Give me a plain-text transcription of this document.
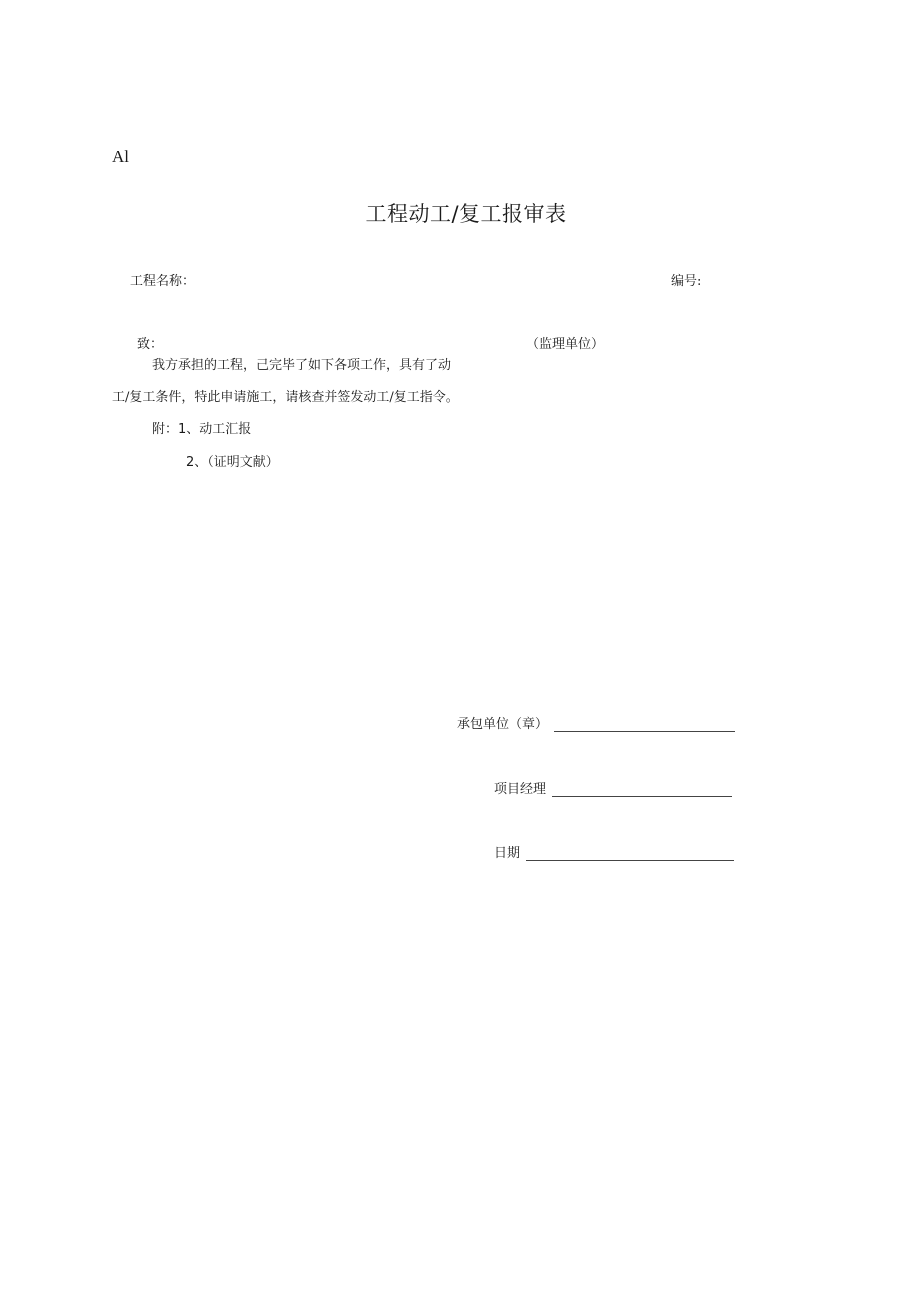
Al
工程动工/复工报审表
工程名称：	编号:
致：	（监理单位）
我方承担的工程，己完毕了如下各项工作，具有了动
工/复工条件，特此申请施工，请核查并签发动工/复工指令。
附：1、动工汇报
2、（证明文献）
承包单位（章）
项目经理
日期
